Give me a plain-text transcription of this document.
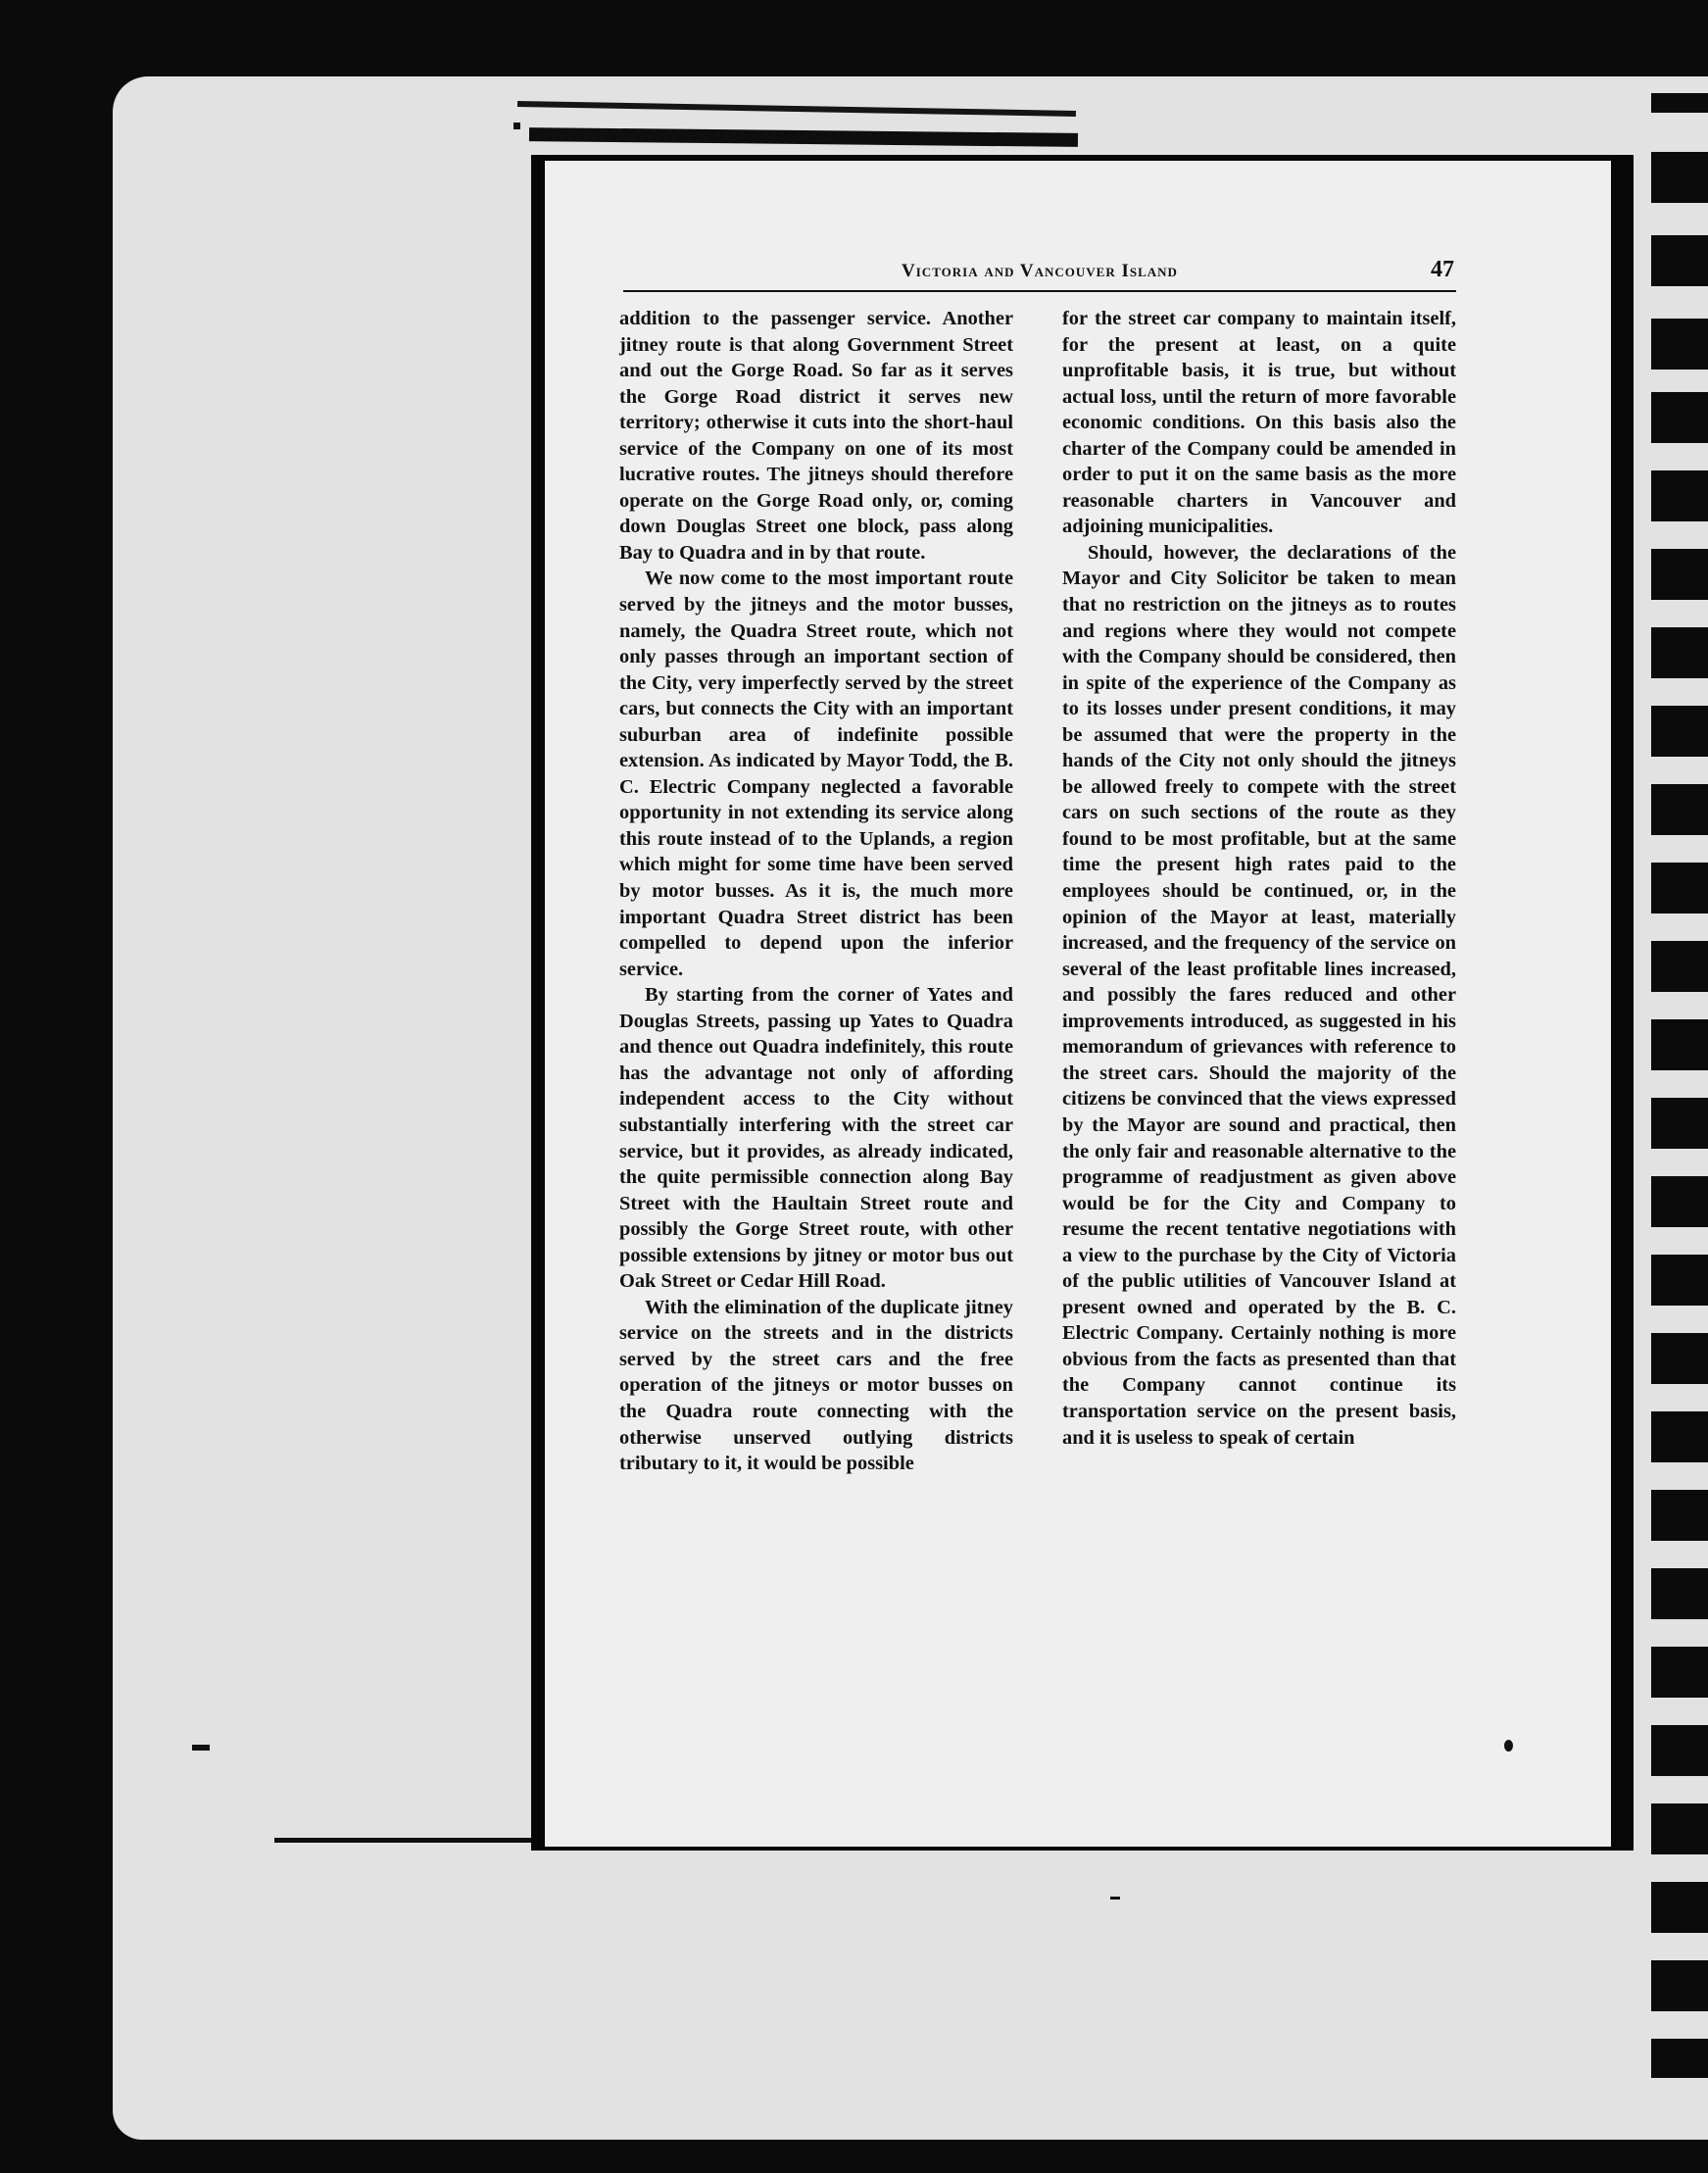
Victoria and Vancouver Island	47

addition to the passenger service. Another jitney route is that along Government Street and out the Gorge Road. So far as it serves the Gorge Road district it serves new territory; otherwise it cuts into the short-haul service of the Company on one of its most lucrative routes. The jitneys should therefore operate on the Gorge Road only, or, coming down Douglas Street one block, pass along Bay to Quadra and in by that route.

We now come to the most important route served by the jitneys and the motor busses, namely, the Quadra Street route, which not only passes through an important section of the City, very imperfectly served by the street cars, but connects the City with an important suburban area of indefinite possible extension. As indicated by Mayor Todd, the B. C. Electric Company neglected a favorable opportunity in not extending its service along this route instead of to the Uplands, a region which might for some time have been served by motor busses. As it is, the much more important Quadra Street district has been compelled to depend upon the inferior service.

By starting from the corner of Yates and Douglas Streets, passing up Yates to Quadra and thence out Quadra indefinitely, this route has the advantage not only of affording independent access to the City without substantially interfering with the street car service, but it provides, as already indicated, the quite permissible connection along Bay Street with the Haultain Street route and possibly the Gorge Street route, with other possible extensions by jitney or motor bus out Oak Street or Cedar Hill Road.

With the elimination of the duplicate jitney service on the streets and in the districts served by the street cars and the free operation of the jitneys or motor busses on the Quadra route connecting with the otherwise unserved outlying districts tributary to it, it would be possible

for the street car company to maintain itself, for the present at least, on a quite unprofitable basis, it is true, but without actual loss, until the return of more favorable economic conditions. On this basis also the charter of the Company could be amended in order to put it on the same basis as the more reasonable charters in Vancouver and adjoining municipalities.

Should, however, the declarations of the Mayor and City Solicitor be taken to mean that no restriction on the jitneys as to routes and regions where they would not compete with the Company should be considered, then in spite of the experience of the Company as to its losses under present conditions, it may be assumed that were the property in the hands of the City not only should the jitneys be allowed freely to compete with the street cars on such sections of the route as they found to be most profitable, but at the same time the present high rates paid to the employees should be continued, or, in the opinion of the Mayor at least, materially increased, and the frequency of the service on several of the least profitable lines increased, and possibly the fares reduced and other improvements introduced, as suggested in his memorandum of grievances with reference to the street cars. Should the majority of the citizens be convinced that the views expressed by the Mayor are sound and practical, then the only fair and reasonable alternative to the programme of readjustment as given above would be for the City and Company to resume the recent tentative negotiations with a view to the purchase by the City of Victoria of the public utilities of Vancouver Island at present owned and operated by the B. C. Electric Company. Certainly nothing is more obvious from the facts as presented than that the Company cannot continue its transportation service on the present basis, and it is useless to speak of certain
